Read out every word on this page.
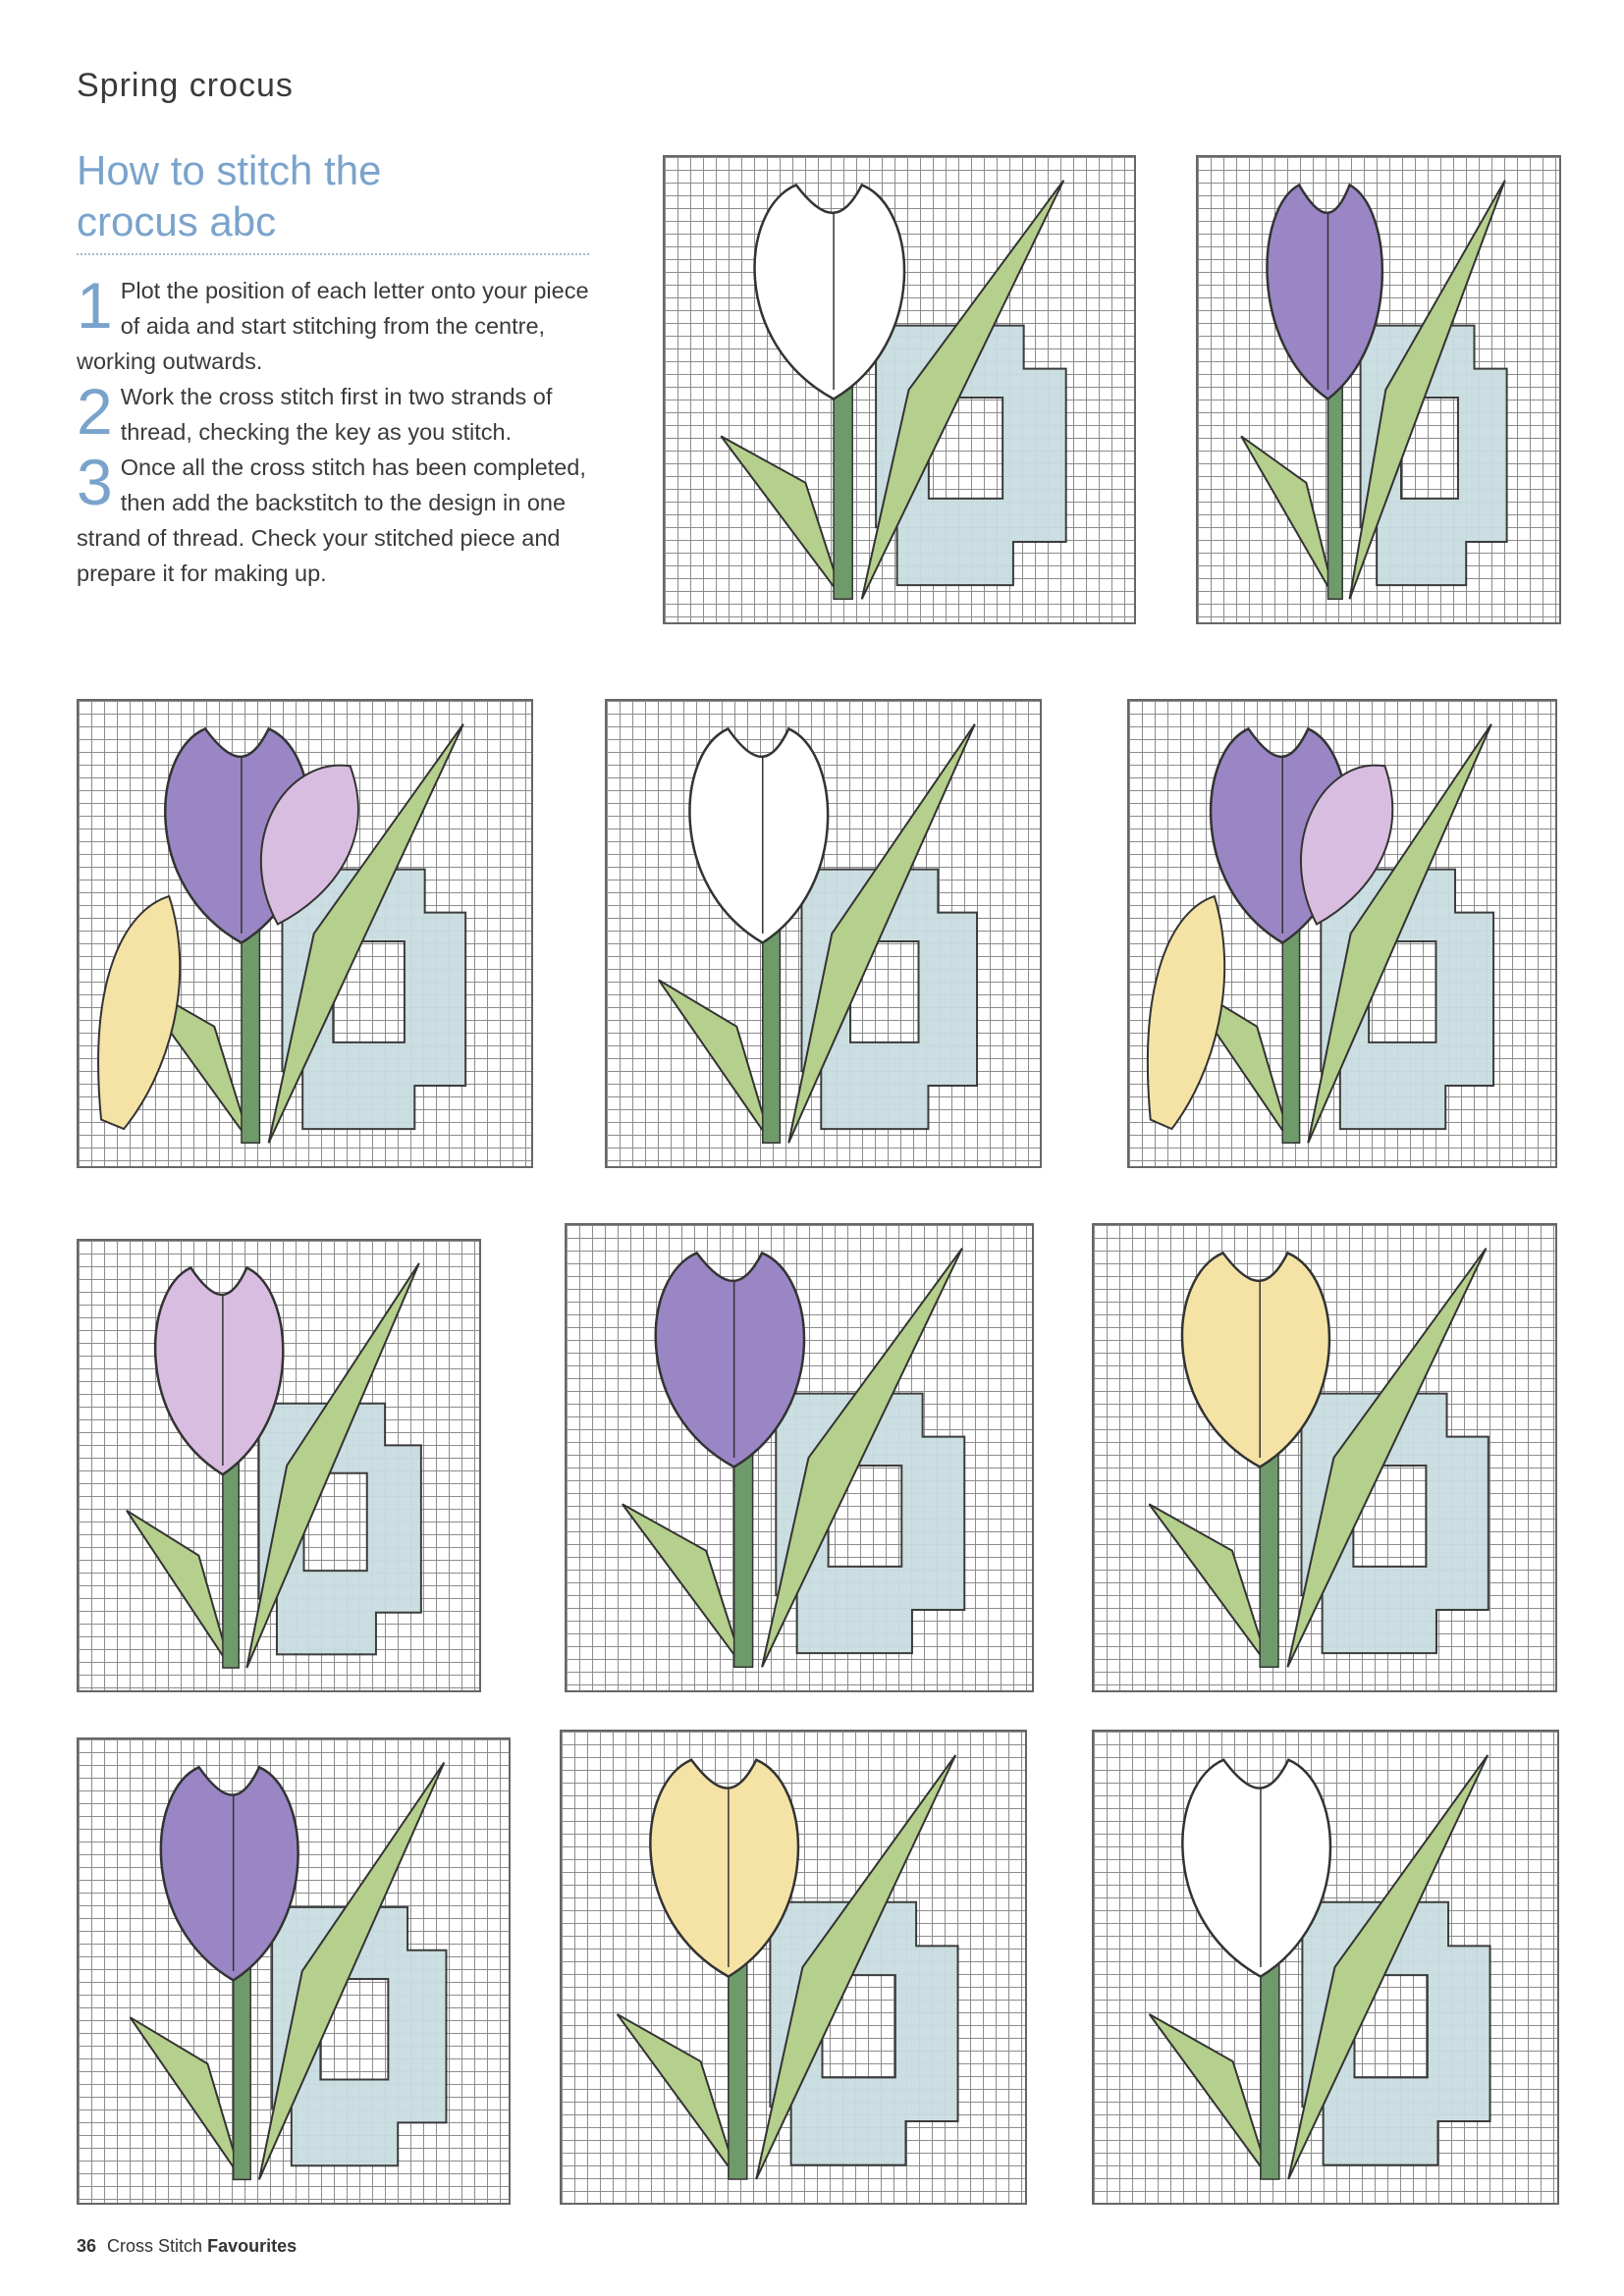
Spring crocus
How to stitch the
crocus abc

1 Plot the position of each letter onto your piece of aida and start stitching from the centre, working outwards.

2 Work the cross stitch first in two strands of thread, checking the key as you stitch.

3 Once all the cross stitch has been completed, then add the backstitch to the design in one strand of thread. Check your stitched piece and prepare it for making up.

36 Cross Stitch Favourites
